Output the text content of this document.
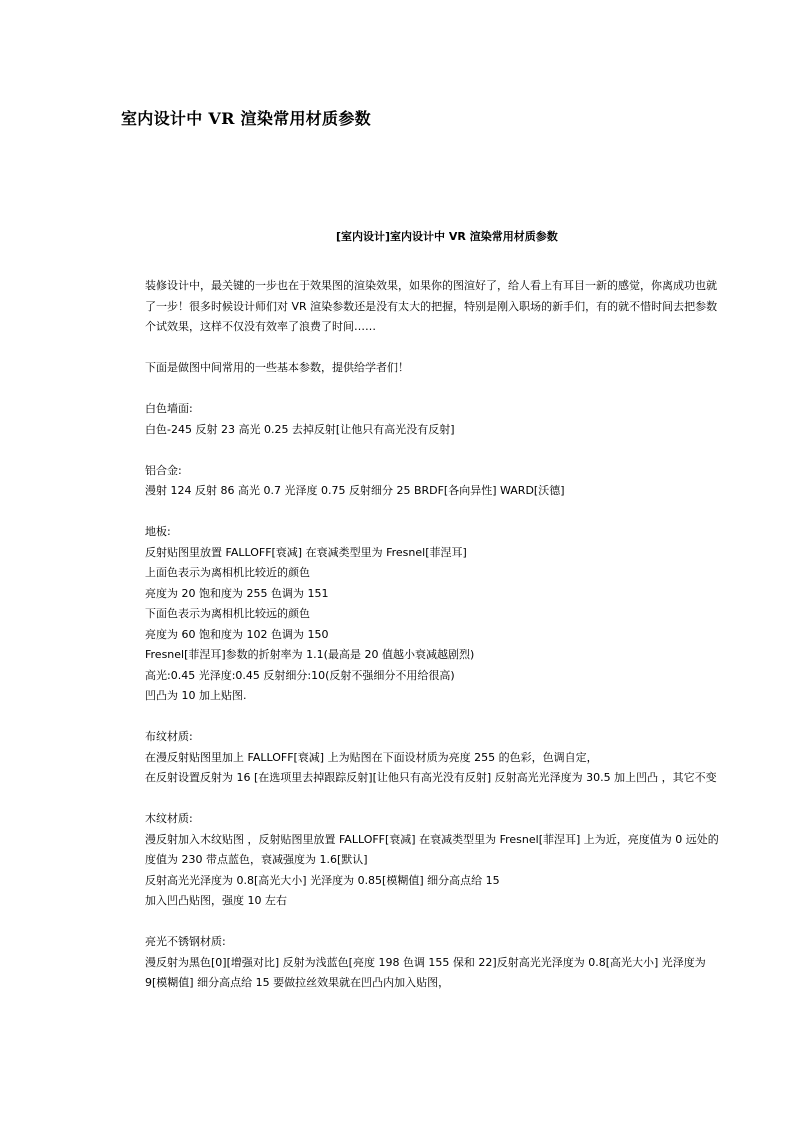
室内设计中 VR 渲染常用材质参数
[室内设计]室内设计中 VR 渲染常用材质参数

装修设计中，最关键的一步也在于效果图的渲染效果，如果你的图渲好了，给人看上有耳目一新的感觉，你离成功也就
了一步！很多时候设计师们对 VR 渲染参数还是没有太大的把握，特别是刚入职场的新手们，有的就不惜时间去把参数
个试效果，这样不仅没有效率了浪费了时间……

下面是做图中间常用的一些基本参数，提供给学者们！

白色墙面:

白色-245 反射 23 高光 0.25 去掉反射[让他只有高光没有反射]

铝合金:

漫射 124 反射 86 高光 0.7 光泽度 0.75 反射细分 25 BRDF[各向异性] WARD[沃德]

地板:

反射贴图里放置 FALLOFF[衰减] 在衰减类型里为 Fresnel[菲涅耳]

上面色表示为离相机比较近的颜色

亮度为 20 饱和度为 255 色调为 151

下面色表示为离相机比较远的颜色

亮度为 60 饱和度为 102 色调为 150

Fresnel[菲涅耳]参数的折射率为 1.1(最高是 20 值越小衰减越剧烈)

高光:0.45 光泽度:0.45 反射细分:10(反射不强细分不用给很高)

凹凸为 10 加上贴图.

布纹材质:

在漫反射贴图里加上 FALLOFF[衰减] 上为贴图在下面设材质为亮度 255 的色彩，色调自定，

在反射设置反射为 16 [在选项里去掉跟踪反射][让他只有高光没有反射] 反射高光光泽度为 30.5 加上凹凸 ，其它不变

木纹材质:

漫反射加入木纹贴图 ，反射贴图里放置 FALLOFF[衰减] 在衰减类型里为 Fresnel[菲涅耳] 上为近，亮度值为 0 远处的

度值为 230 带点蓝色，衰减强度为 1.6[默认]

反射高光光泽度为 0.8[高光大小] 光泽度为 0.85[模糊值] 细分高点给 15

加入凹凸贴图，强度 10 左右

亮光不锈钢材质:

漫反射为黑色[0][增强对比] 反射为浅蓝色[亮度 198 色调 155 保和 22]反射高光光泽度为 0.8[高光大小] 光泽度为

9[模糊值] 细分高点给 15 要做拉丝效果就在凹凸内加入贴图，
